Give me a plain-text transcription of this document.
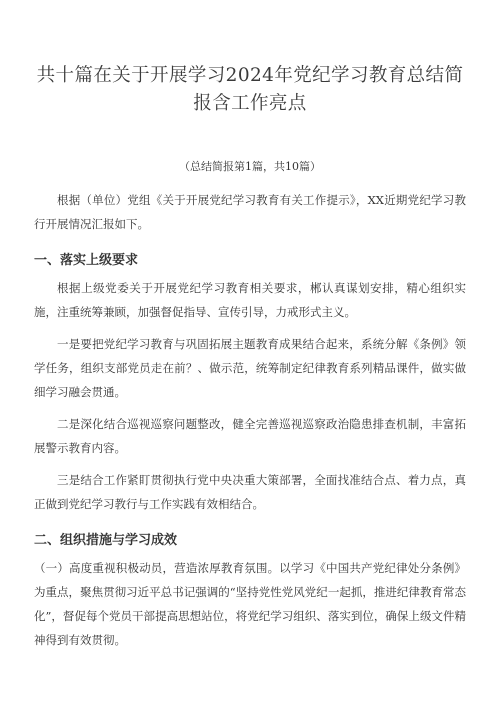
共十篇在关于开展学习2024年党纪学习教育总结简
报含工作亮点
（总结简报第1篇，共10篇）

根据（单位）党组《关于开展党纪学习教育有关工作提示》，XX近期党纪学习教行开展情况汇报如下。

一、落实上级要求

根据上级党委关于开展党纪学习教育相关要求，郴认真谋划安排，精心组织实施，注重统筹兼顾，加强督促指导、宣传引导，力戒形式主义。

一是要把党纪学习教育与巩固拓展主题教育成果结合起来，系统分解《条例》领学任务，组织支部党员走在前？、做示范，统筹制定纪律教育系列精品课件，做实做细学习融会贯通。

二是深化结合巡视巡察问题整改，健全完善巡视巡察政治隐患排查机制，丰富拓展警示教育内容。

三是结合工作紧盯贯彻执行党中央决重大策部署，全面找准结合点、着力点，真正做到党纪学习教行与工作实践有效相结合。

二、组织措施与学习成效

（一）高度重视积极动员，营造浓厚教育氛围。以学习《中国共产党纪律处分条例》为重点，聚焦贯彻习近平总书记强调的“坚持党性党风党纪一起抓，推进纪律教育常态化”，督促每个党员干部提高思想站位，将党纪学习组织、落实到位，确保上级文件精神得到有效贯彻。
